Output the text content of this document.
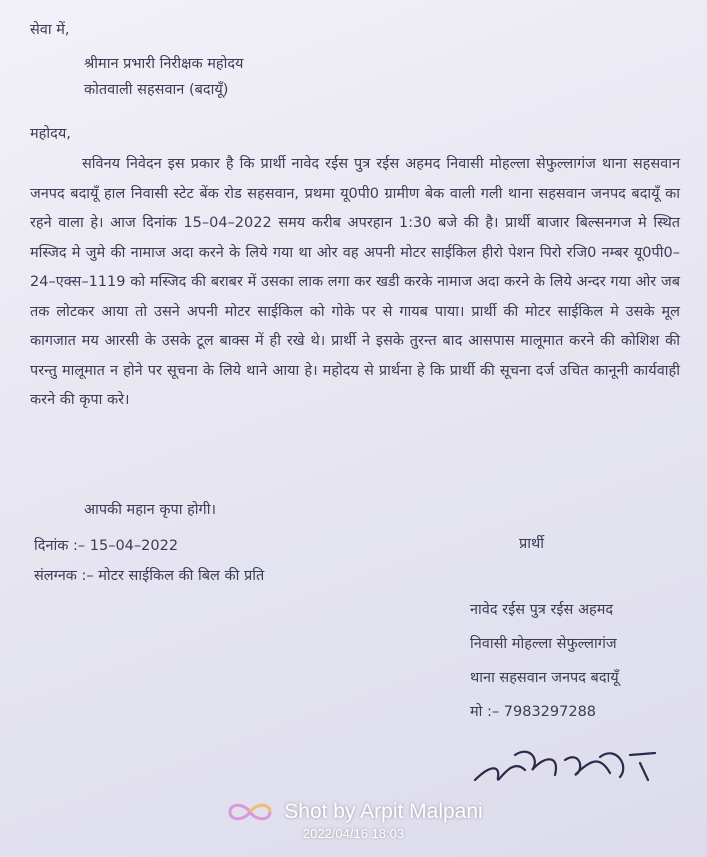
सेवा में,
श्रीमान प्रभारी निरीक्षक महोदय
कोतवाली सहसवान (बदायूँ)
महोदय,
सविनय निवेदन इस प्रकार है कि प्रार्थी नावेद रईस पुत्र रईस अहमद निवासी मोहल्ला सेफुल्लागंज थाना सहसवान जनपद बदायूँ हाल निवासी स्टेट बेंक रोड सहसवान, प्रथमा यू0पी0 ग्रामीण बेक वाली गली थाना सहसवान जनपद बदायूँ का रहने वाला हे। आज दिनांक 15–04–2022 समय करीब अपरहान 1:30 बजे की है। प्रार्थी बाजार बिल्सनगज मे स्थित मस्जिद मे जुमे की नामाज अदा करने के लिये गया था ओर वह अपनी मोटर साईकिल हीरो पेशन पिरो रजि0 नम्बर यू0पी0–24–एक्स–1119 को मस्जिद की बराबर में उसका लाक लगा कर खडी करके नामाज अदा करने के लिये अन्दर गया ओर जब तक लोटकर आया तो उसने अपनी मोटर साईकिल को गोके पर से गायब पाया। प्रार्थी की मोटर साईकिल मे उसके मूल कागजात मय आरसी के उसके टूल बाक्स में ही रखे थे। प्रार्थी ने इसके तुरन्त बाद आसपास मालूमात करने की कोशिश की परन्तु मालूमात न होने पर सूचना के लिये थाने आया हे। महोदय से प्रार्थना हे कि प्रार्थी की सूचना दर्ज उचित कानूनी कार्यवाही करने की कृपा करे।
आपकी महान कृपा होगी।
दिनांक :– 15–04–2022	प्रार्थी
संलग्नक :– मोटर साईकिल की बिल की प्रति
नावेद रईस पुत्र रईस अहमद
निवासी मोहल्ला सेफुल्लागंज
थाना सहसवान जनपद बदायूँ
मो :– 7983297288
Shot by Arpit Malpani
2022/04/16 18:03
